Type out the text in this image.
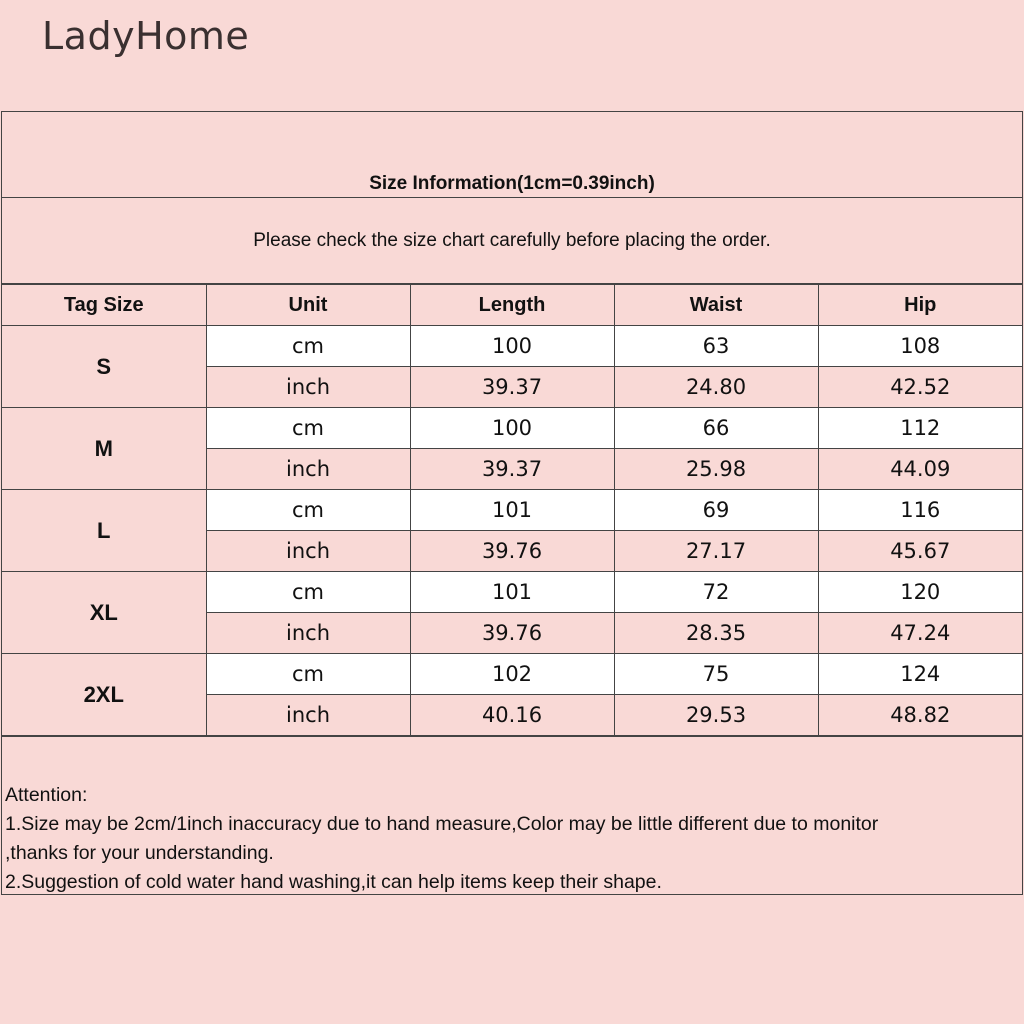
LadyHome
Size Information(1cm=0.39inch)
Please check the size chart carefully before placing the order.
Tag Size	Unit	Length	Waist	Hip
S	cm	100	63	108
	inch	39.37	24.80	42.52
M	cm	100	66	112
	inch	39.37	25.98	44.09
L	cm	101	69	116
	inch	39.76	27.17	45.67
XL	cm	101	72	120
	inch	39.76	28.35	47.24
2XL	cm	102	75	124
	inch	40.16	29.53	48.82
Attention:
1.Size may be 2cm/1inch inaccuracy due to hand measure,Color may be little different due to monitor
,thanks for your understanding.
2.Suggestion of cold water hand washing,it can help items keep their shape.
